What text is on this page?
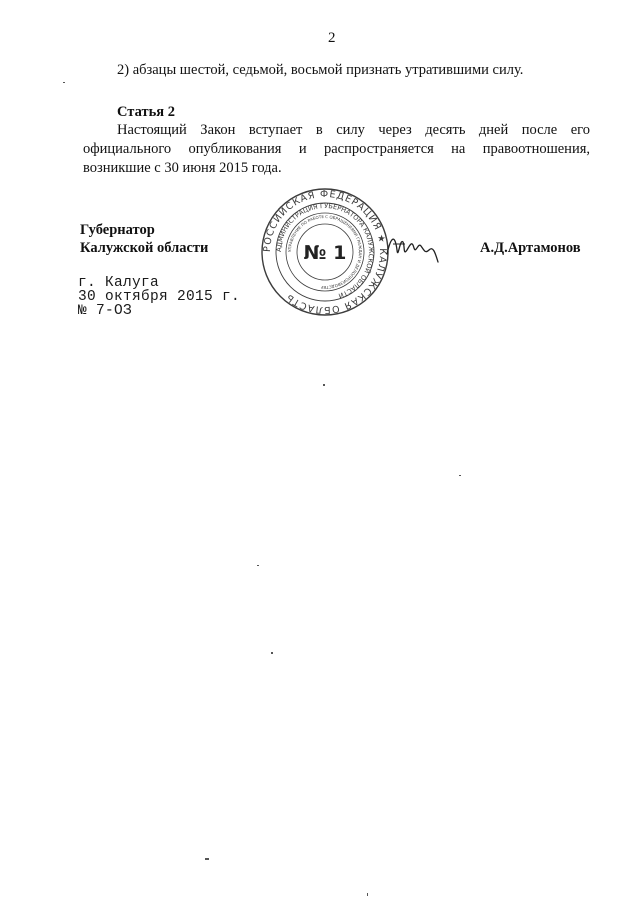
2
2) абзацы шестой, седьмой, восьмой признать утратившими силу.
Статья 2
Настоящий Закон вступает в силу через десять дней после его официального опубликования и распространяется на правоотношения, возникшие с 30 июня 2015 года.
Губернатор
Калужской области	А.Д.Артамонов
г. Калуга
30 октября 2015 г.
№ 7-ОЗ
РОССИЙСКАЯ ФЕДЕРАЦИЯ ★ КАЛУЖСКАЯ ОБЛАСТЬ
АДМИНИСТРАЦИЯ ГУБЕРНАТОРА КАЛУЖСКОЙ ОБЛАСТИ
УПРАВЛЕНИЕ ПО РАБОТЕ С ОБРАЩЕНИЯМИ ГРАЖДАН И ДЕЛОПРОИЗВОДСТВУ
№ 1
